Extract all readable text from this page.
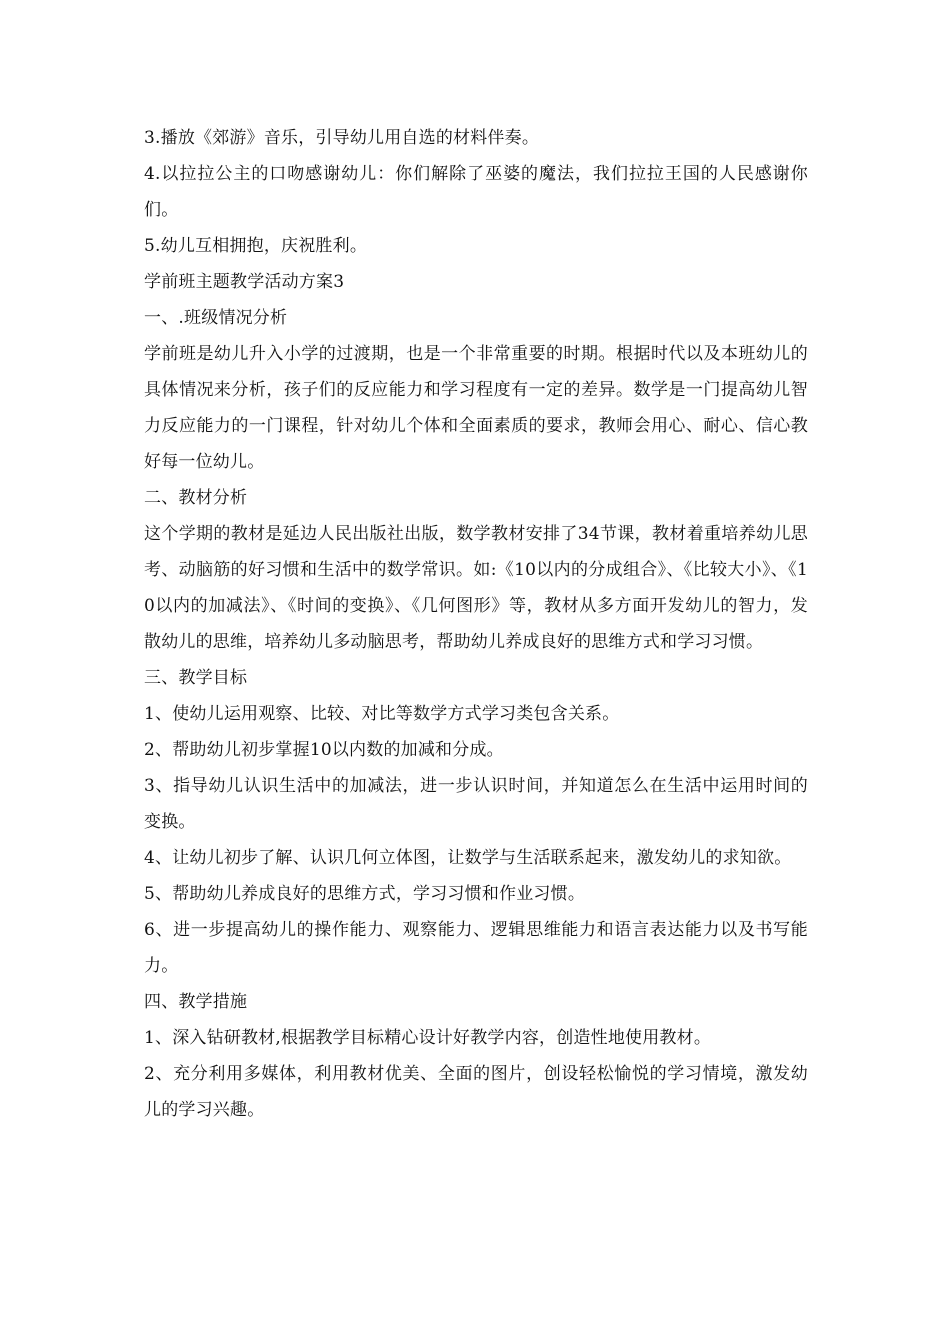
3.播放《郊游》音乐，引导幼儿用自选的材料伴奏。

4.以拉拉公主的口吻感谢幼儿：你们解除了巫婆的魔法，我们拉拉王国的人民感谢你们。

5.幼儿互相拥抱，庆祝胜利。

学前班主题教学活动方案3

一、.班级情况分析

学前班是幼儿升入小学的过渡期，也是一个非常重要的时期。根据时代以及本班幼儿的具体情况来分析，孩子们的反应能力和学习程度有一定的差异。数学是一门提高幼儿智力反应能力的一门课程，针对幼儿个体和全面素质的要求，教师会用心、耐心、信心教好每一位幼儿。

二、教材分析

这个学期的教材是延边人民出版社出版，数学教材安排了34节课，教材着重培养幼儿思考、动脑筋的好习惯和生活中的数学常识。如:《10以内的分成组合》、《比较大小》、《10以内的加减法》、《时间的变换》、《几何图形》等，教材从多方面开发幼儿的智力，发散幼儿的思维，培养幼儿多动脑思考，帮助幼儿养成良好的思维方式和学习习惯。

三、教学目标

1、使幼儿运用观察、比较、对比等数学方式学习类包含关系。

2、帮助幼儿初步掌握10以内数的加减和分成。

3、指导幼儿认识生活中的加减法，进一步认识时间，并知道怎么在生活中运用时间的变换。

4、让幼儿初步了解、认识几何立体图，让数学与生活联系起来，激发幼儿的求知欲。

5、帮助幼儿养成良好的思维方式，学习习惯和作业习惯。

6、进一步提高幼儿的操作能力、观察能力、逻辑思维能力和语言表达能力以及书写能力。

四、教学措施

1、深入钻研教材,根据教学目标精心设计好教学内容，创造性地使用教材。

2、充分利用多媒体，利用教材优美、全面的图片，创设轻松愉悦的学习情境，激发幼儿的学习兴趣。
